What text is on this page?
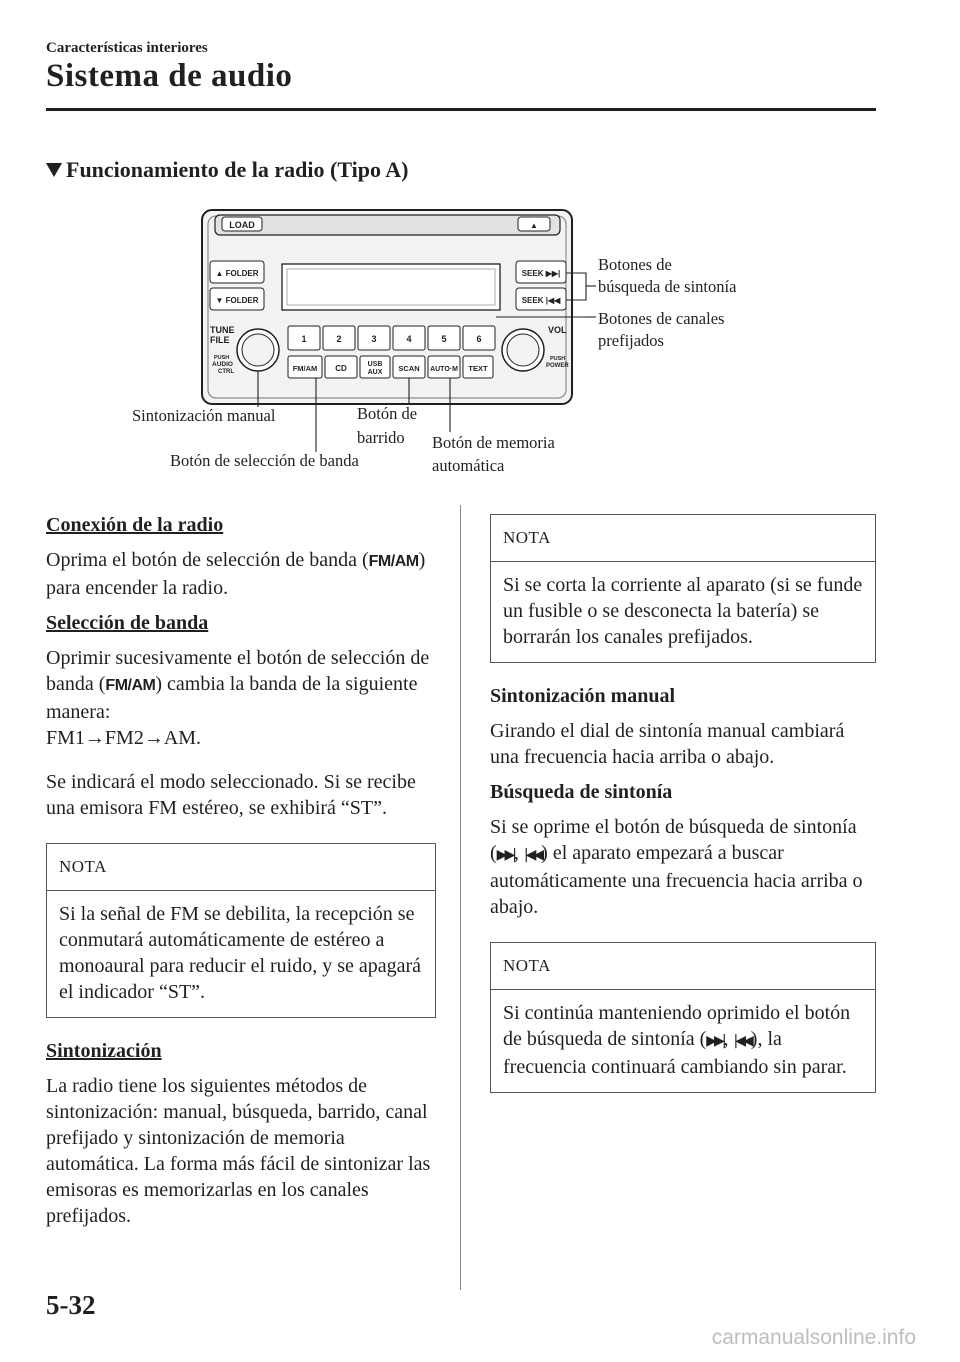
Características interiores
Sistema de audio
Funcionamiento de la radio (Tipo A)
LOAD	▲
▲ FOLDER
▼ FOLDER
SEEK ▶▶|
SEEK |◀◀
TUNE
FILE
PUSH
AUDIO
CTRL
1	2	3	4	5	6
FM/AM CD	USB
AUX SCAN AUTO·M TEXT
VOL
PUSH
POWER
Botones de
búsqueda de sintonía
Botones de canales
prefijados
Sintonización manual	Botón de
barrido
Botón de selección de banda
Botón de memoria
automática

Conexión de la radio

Oprima el botón de selección de banda (FM/AM) para encender la radio.

Selección de banda

Oprimir sucesivamente el botón de selección de banda (FM/AM) cambia la banda de la siguiente manera:
FM1→FM2→AM.

Se indicará el modo seleccionado. Si se recibe una emisora FM estéreo, se exhibirá “ST”.

NOTA
Si la señal de FM se debilita, la recepción se conmutará automáticamente de estéreo a monoaural para reducir el ruido, y se apagará el indicador “ST”.

Sintonización

La radio tiene los siguientes métodos de sintonización: manual, búsqueda, barrido, canal prefijado y sintonización de memoria automática. La forma más fácil de sintonizar las emisoras es memorizarlas en los canales prefijados.

NOTA
Si se corta la corriente al aparato (si se funde un fusible o se desconecta la batería) se borrarán los canales prefijados.

Sintonización manual

Girando el dial de sintonía manual cambiará una frecuencia hacia arriba o abajo.

Búsqueda de sintonía

Si se oprime el botón de búsqueda de sintonía (▶▶|, |◀◀) el aparato empezará a buscar automáticamente una frecuencia hacia arriba o abajo.

NOTA
Si continúa manteniendo oprimido el botón de búsqueda de sintonía (▶▶|, |◀◀), la frecuencia continuará cambiando sin parar.
5-32
carmanualsonline.info
